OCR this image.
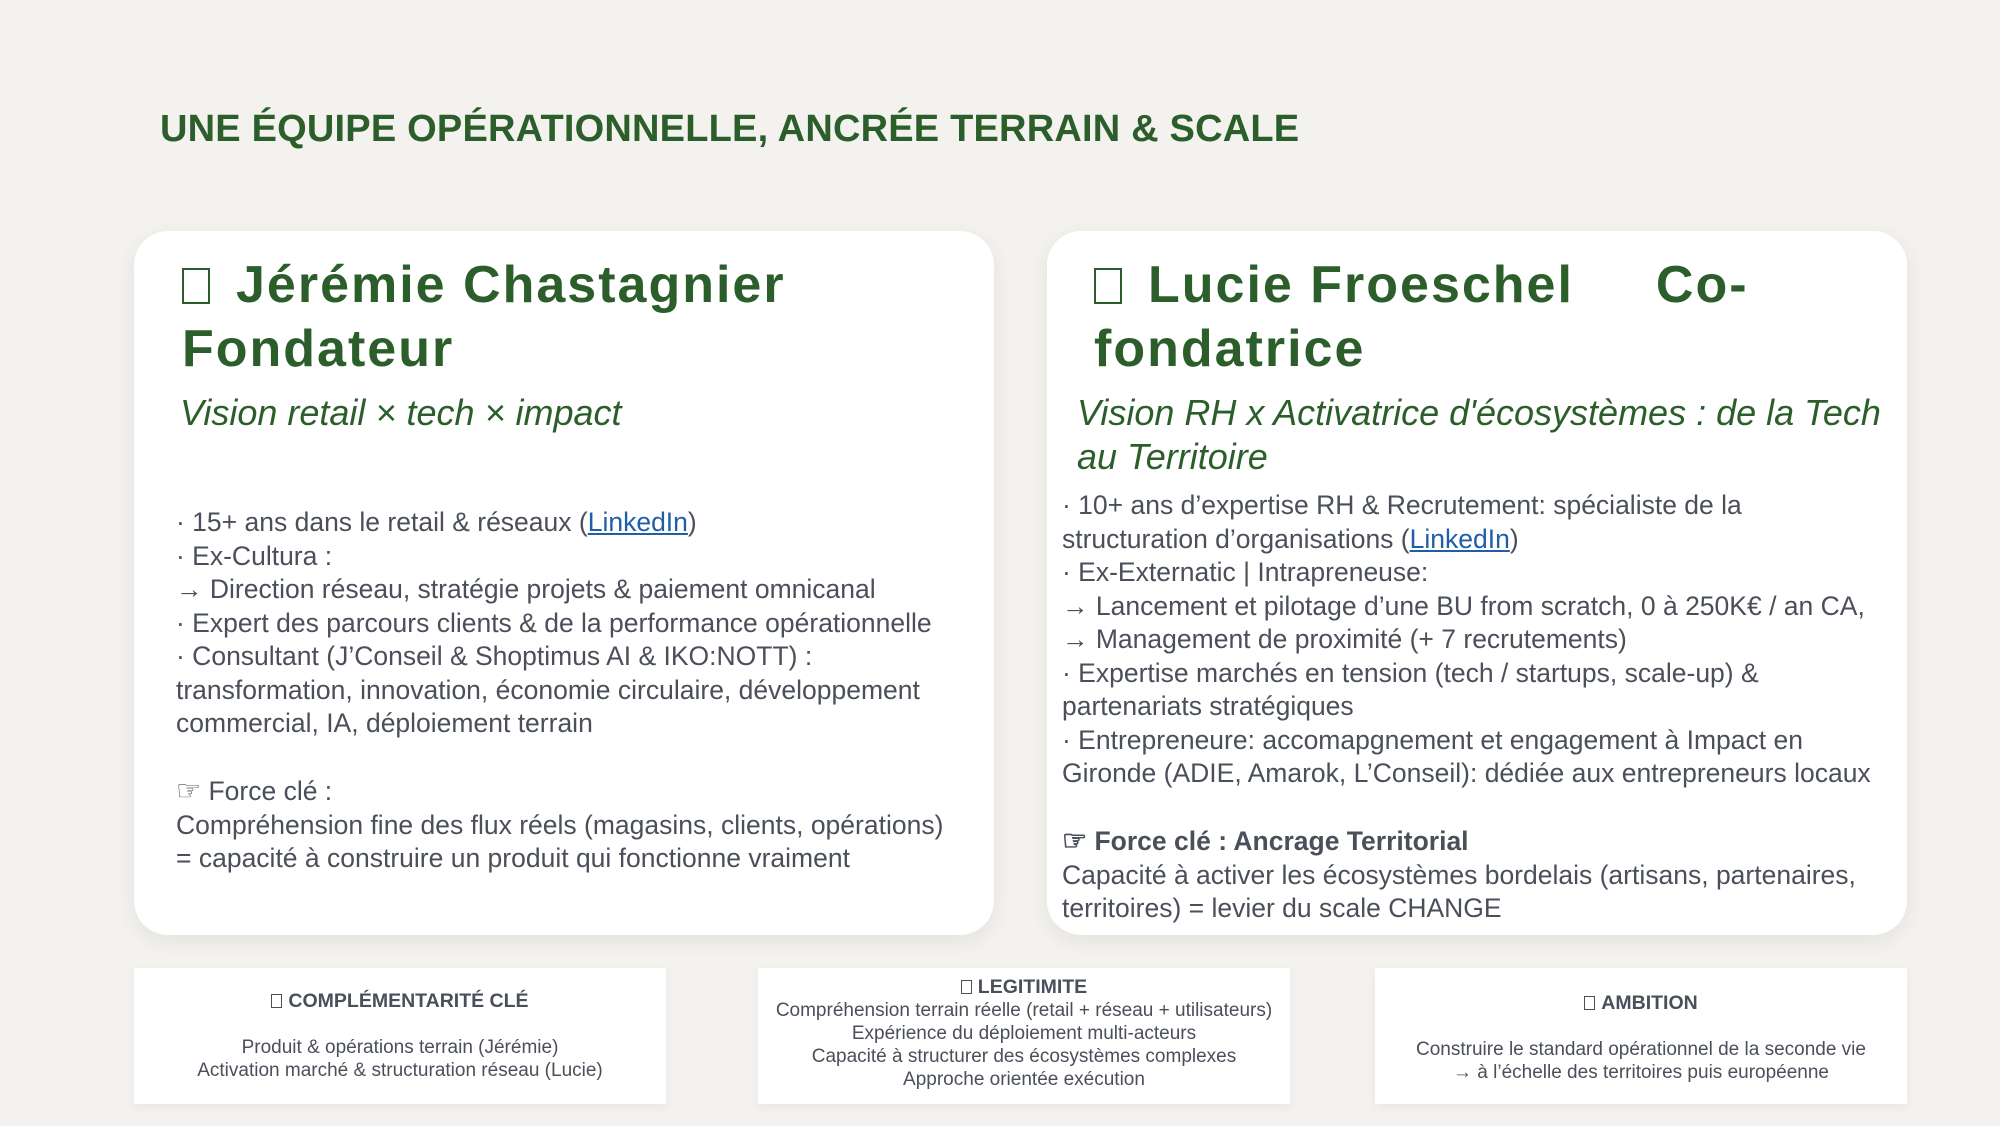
UNE ÉQUIPE OPÉRATIONNELLE, ANCRÉE TERRAIN & SCALE
Jérémie Chastagnier
Fondateur
Vision retail × tech × impact
· 15+ ans dans le retail & réseaux (LinkedIn)
· Ex-Cultura :
→ Direction réseau, stratégie projets & paiement omnicanal
· Expert des parcours clients & de la performance opérationnelle
· Consultant (J’Conseil & Shoptimus AI & IKO:NOTT) :
transformation, innovation, économie circulaire, développement
commercial, IA, déploiement terrain
☞ Force clé :
Compréhension fine des flux réels (magasins, clients, opérations)
= capacité à construire un produit qui fonctionne vraiment
Lucie Froeschel Co-
fondatrice
Vision RH x Activatrice d'écosystèmes : de la Tech
au Territoire
· 10+ ans d’expertise RH & Recrutement: spécialiste de la
structuration d’organisations (LinkedIn)
· Ex-Externatic | Intrapreneuse:
→ Lancement et pilotage d’une BU from scratch, 0 à 250K€ / an CA,
→ Management de proximité (+ 7 recrutements)
· Expertise marchés en tension (tech / startups, scale-up) &
partenariats stratégiques
· Entrepreneure: accomapgnement et engagement à Impact en
Gironde (ADIE, Amarok, L’Conseil): dédiée aux entrepreneurs locaux
☞ Force clé : Ancrage Territorial
Capacité à activer les écosystèmes bordelais (artisans, partenaires,
territoires) = levier du scale CHANGE
COMPLÉMENTARITÉ CLÉ
Produit & opérations terrain (Jérémie)
Activation marché & structuration réseau (Lucie)
LEGITIMITE
Compréhension terrain réelle (retail + réseau + utilisateurs)
Expérience du déploiement multi-acteurs
Capacité à structurer des écosystèmes complexes
Approche orientée exécution
AMBITION
Construire le standard opérationnel de la seconde vie
→ à l’échelle des territoires puis européenne
